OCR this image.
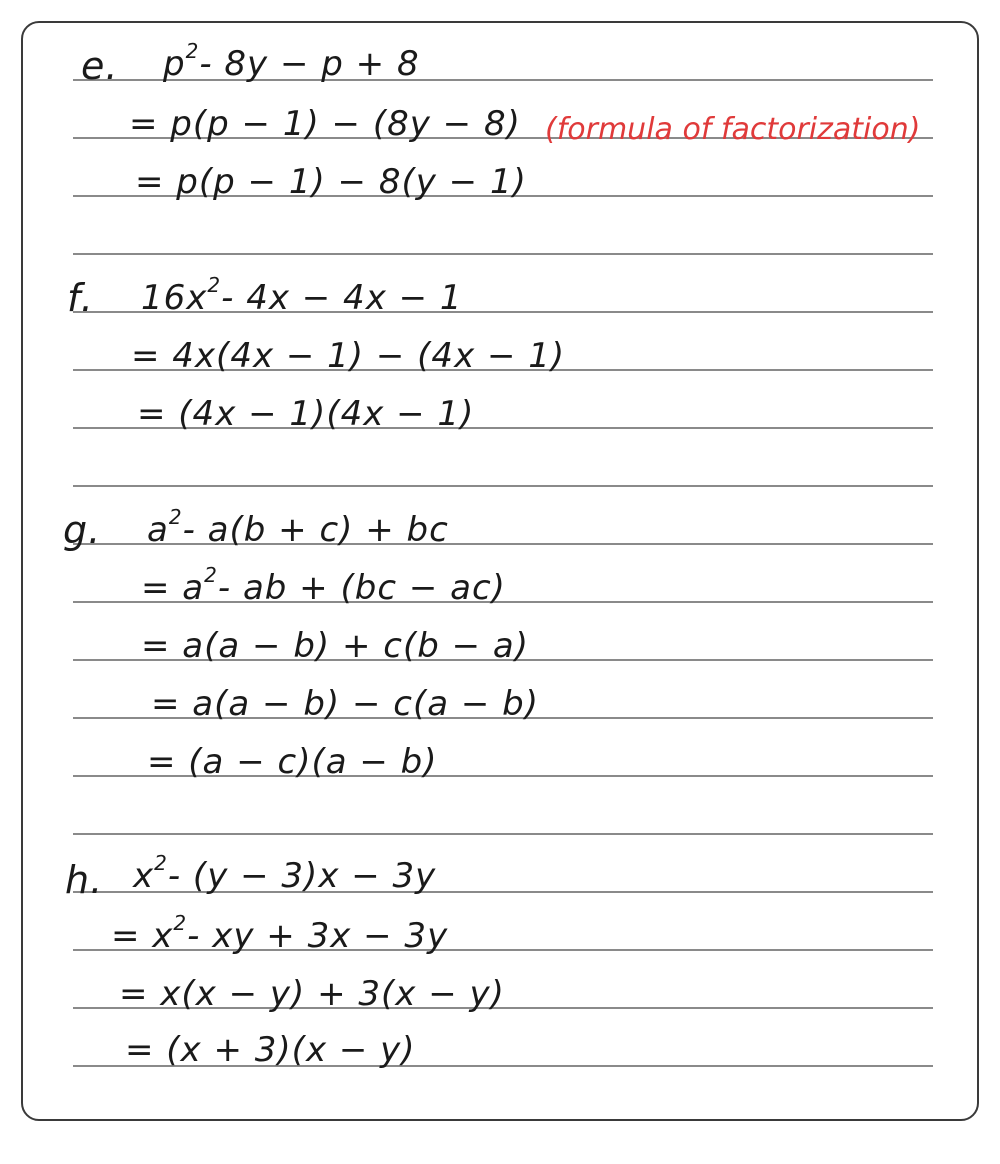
e. $p^2-$ 8y − p + 8
= p(p − 1) − (8y − 8) (formula of factorization)
= p(p − 1) − 8(y − 1)
f. $16x^2-$ 4x − 4x − 1
= 4x(4x − 1) − (4x − 1)
= (4x − 1)(4x − 1)
g. $a^2-$ a(b + c) + bc
= $a^2-$ ab + (bc − ac)
= a(a − b) + c(b − a)
= a(a − b) − c(a − b)
= (a − c)(a − b)
h. $x^2-$ (y − 3)x − 3y
= $x^2-$ xy + 3x − 3y
= x(x − y) + 3(x − y)
= (x + 3)(x − y)
